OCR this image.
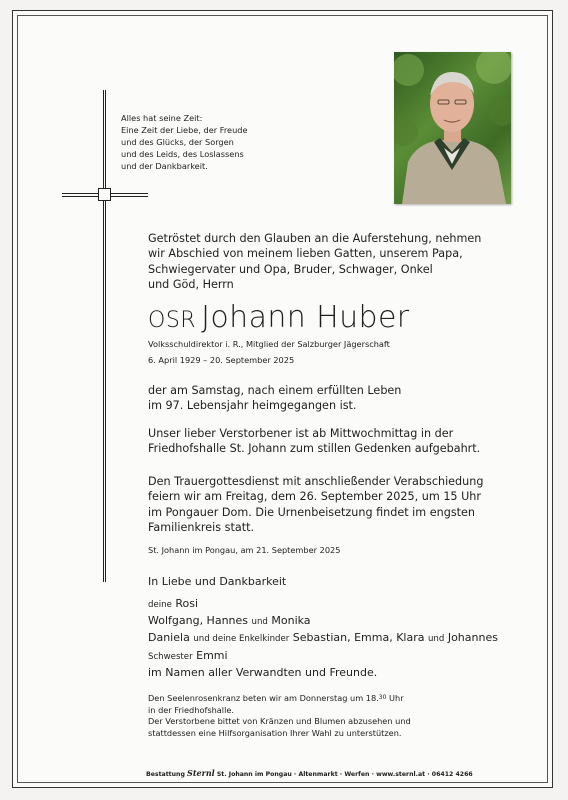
Alles hat seine Zeit:
Eine Zeit der Liebe, der Freude
und des Glücks, der Sorgen
und des Leids, des Loslassens
und der Dankbarkeit.
Getröstet durch den Glauben an die Auferstehung, nehmen
wir Abschied von meinem lieben Gatten, unserem Papa,
Schwiegervater und Opa, Bruder, Schwager, Onkel
und Göd, Herrn
OSR Johann Huber
Volksschuldirektor i. R., Mitglied der Salzburger Jägerschaft
6. April 1929 – 20. September 2025
der am Samstag, nach einem erfüllten Leben
im 97. Lebensjahr heimgegangen ist.
Unser lieber Verstorbener ist ab Mittwochmittag in der
Friedhofshalle St. Johann zum stillen Gedenken aufgebahrt.
Den Trauergottesdienst mit anschließender Verabschiedung
feiern wir am Freitag, dem 26. September 2025, um 15 Uhr
im Pongauer Dom. Die Urnenbeisetzung findet im engsten
Familienkreis statt.
St. Johann im Pongau, am 21. September 2025
In Liebe und Dankbarkeit
deine Rosi
Wolfgang, Hannes und Monika
Daniela und deine Enkelkinder Sebastian, Emma, Klara und Johannes
Schwester Emmi
im Namen aller Verwandten und Freunde.
Den Seelenrosenkranz beten wir am Donnerstag um 18.30 Uhr
in der Friedhofshalle.
Der Verstorbene bittet von Kränzen und Blumen abzusehen und
stattdessen eine Hilfsorganisation Ihrer Wahl zu unterstützen.
Bestattung Sternl St. Johann im Pongau · Altenmarkt · Werfen · www.sternl.at · 06412 4266
